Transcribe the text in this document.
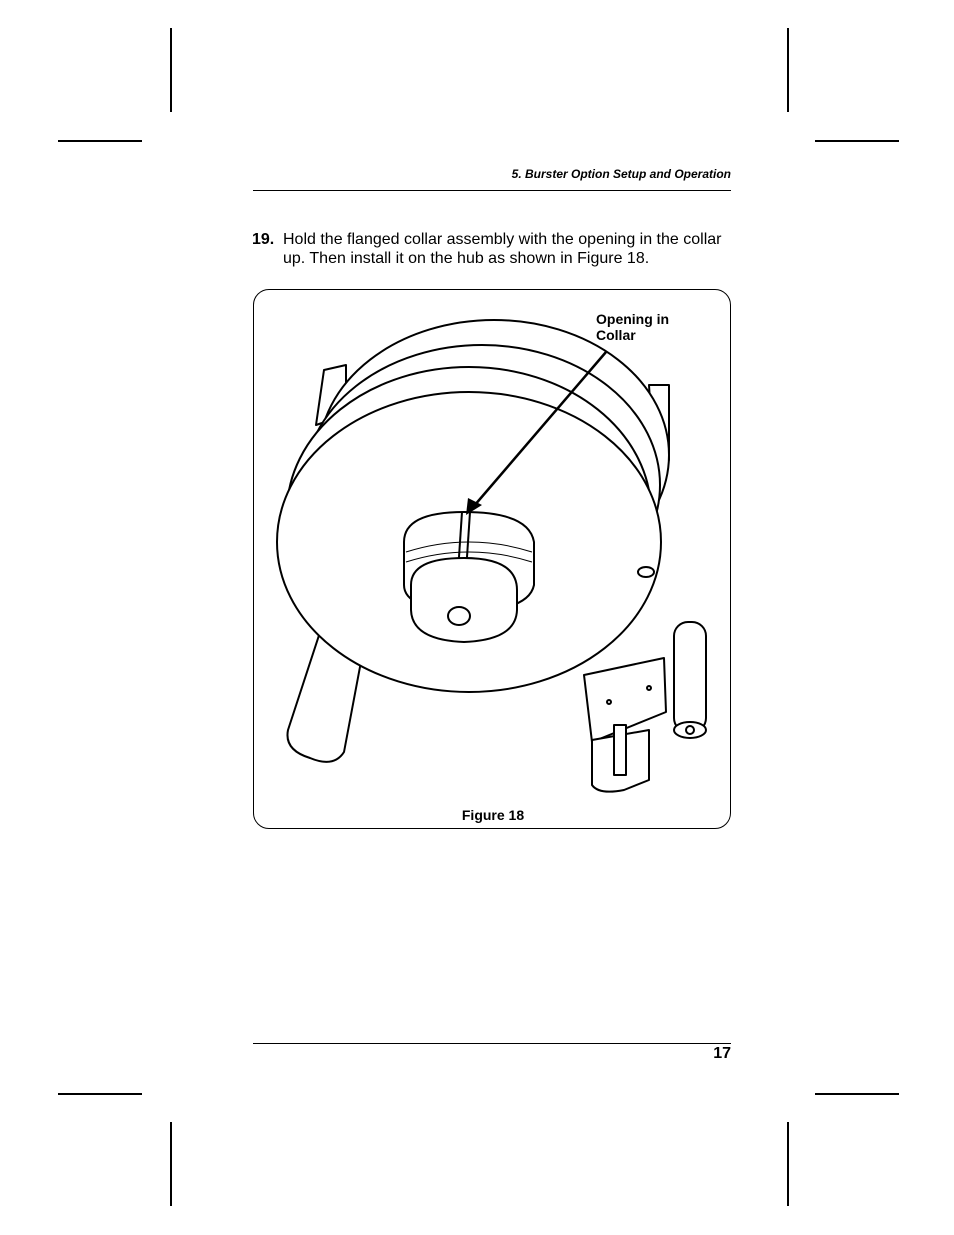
5. Burster Option Setup and Operation
19. Hold the flanged collar assembly with the opening in the collar up. Then install it on the hub as shown in Figure 18.
Opening in
Collar
Figure 18
17
